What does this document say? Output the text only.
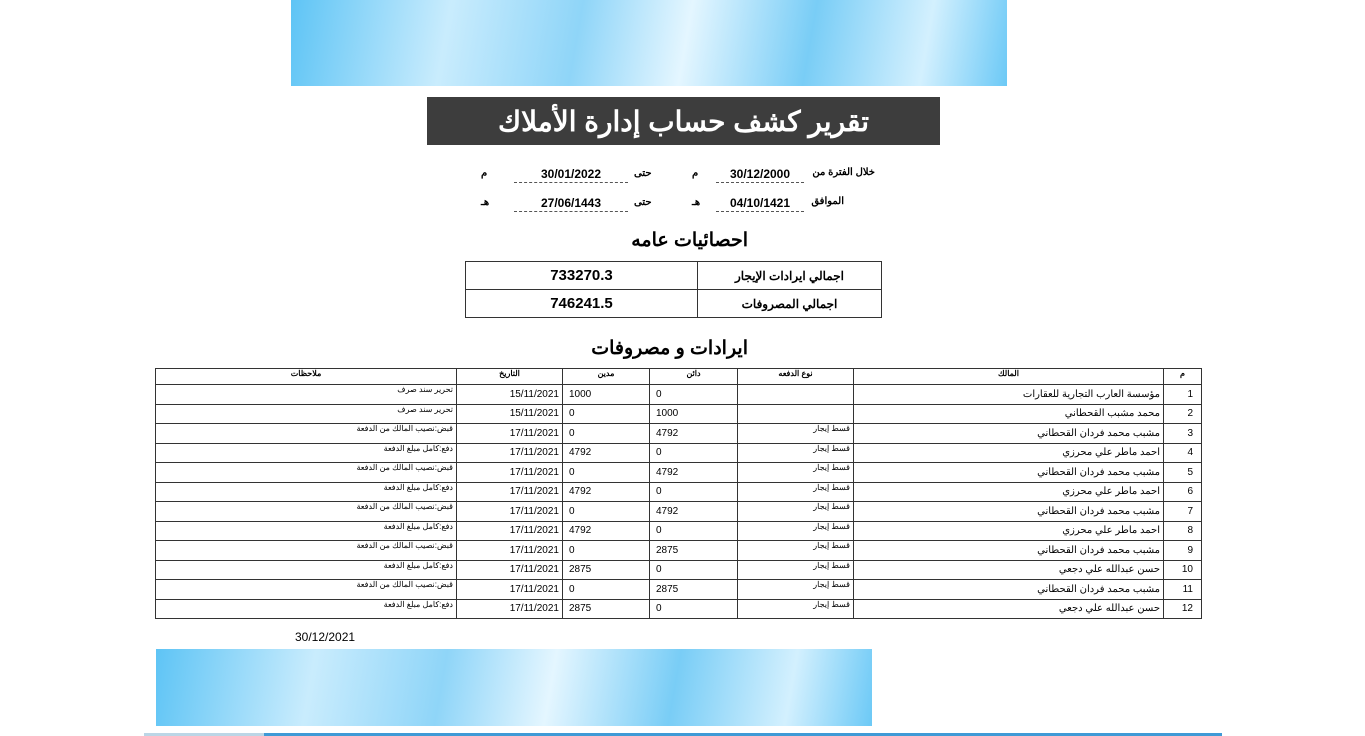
تقرير كشف حساب إدارة الأملاك
خلال الفترة من
30/12/2000
م
حتى
30/01/2022
م
الموافق
04/10/1421
هـ
حتى
27/06/1443
هـ
احصائيات عامه
اجمالي ايرادات الإيجار	733270.3
اجمالي المصروفات	746241.5
ايرادات و مصروفات
م	المالك	نوع الدفعه	دائن	مدين	التاريخ	ملاحظات
1	مؤسسة العارب التجارية للعقارات		0	1000	15/11/2021	تحرير سند صرف
2	محمد مشبب القحطاني		1000	0	15/11/2021	تحرير سند صرف
3	مشبب محمد فردان القحطاني	قسط إيجار	4792	0	17/11/2021	قبض:نصيب المالك من الدفعة
4	احمد ماطر علي محرزي	قسط إيجار	0	4792	17/11/2021	دفع:كامل مبلغ الدفعة
5	مشبب محمد فردان القحطاني	قسط إيجار	4792	0	17/11/2021	قبض:نصيب المالك من الدفعة
6	احمد ماطر علي محرزي	قسط إيجار	0	4792	17/11/2021	دفع:كامل مبلغ الدفعة
7	مشبب محمد فردان القحطاني	قسط إيجار	4792	0	17/11/2021	قبض:نصيب المالك من الدفعة
8	احمد ماطر علي محرزي	قسط إيجار	0	4792	17/11/2021	دفع:كامل مبلغ الدفعة
9	مشبب محمد فردان القحطاني	قسط إيجار	2875	0	17/11/2021	قبض:نصيب المالك من الدفعة
10	حسن عبدالله علي دجعي	قسط إيجار	0	2875	17/11/2021	دفع:كامل مبلغ الدفعة
11	مشبب محمد فردان القحطاني	قسط إيجار	2875	0	17/11/2021	قبض:نصيب المالك من الدفعة
12	حسن عبدالله علي دجعي	قسط إيجار	0	2875	17/11/2021	دفع:كامل مبلغ الدفعة
30/12/2021
